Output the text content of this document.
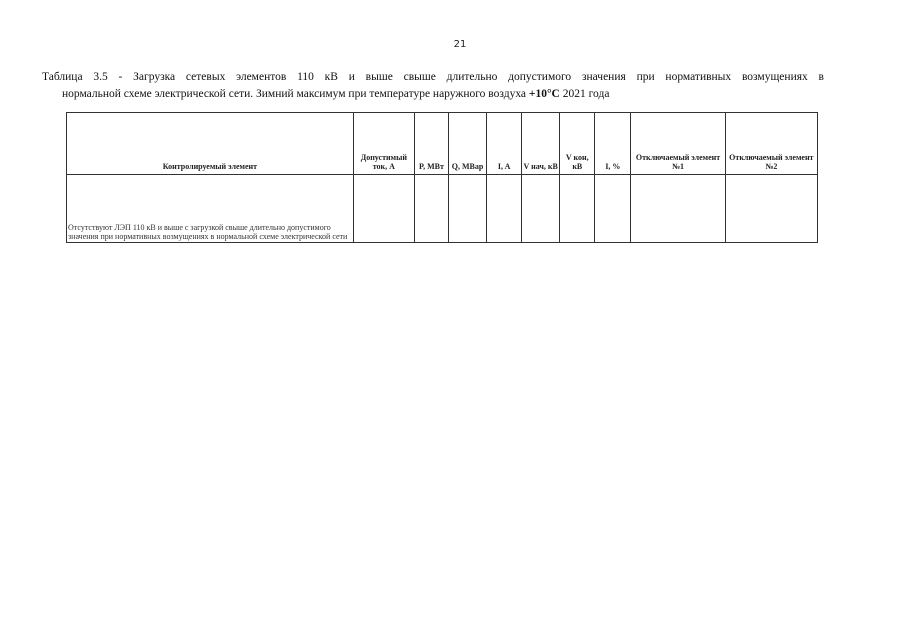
21
Таблица 3.5 - Загрузка сетевых элементов 110 кВ и выше свыше длительно допустимого значения при нормативных возмущениях в
нормальной схеме электрической сети. Зимний максимум при температуре наружного воздуха +10°C 2021 года
Контролируемый элемент	Допустимый ток, А	P, МВт	Q, МВар	I, A	V нач, кВ	V кон, кВ	I, %	Отключаемый элемент №1	Отключаемый элемент №2

Отсутствуют ЛЭП 110 кВ и выше с загрузкой свыше длительно допустимого значения при нормативных возмущениях в нормальной схеме электрической сети									
